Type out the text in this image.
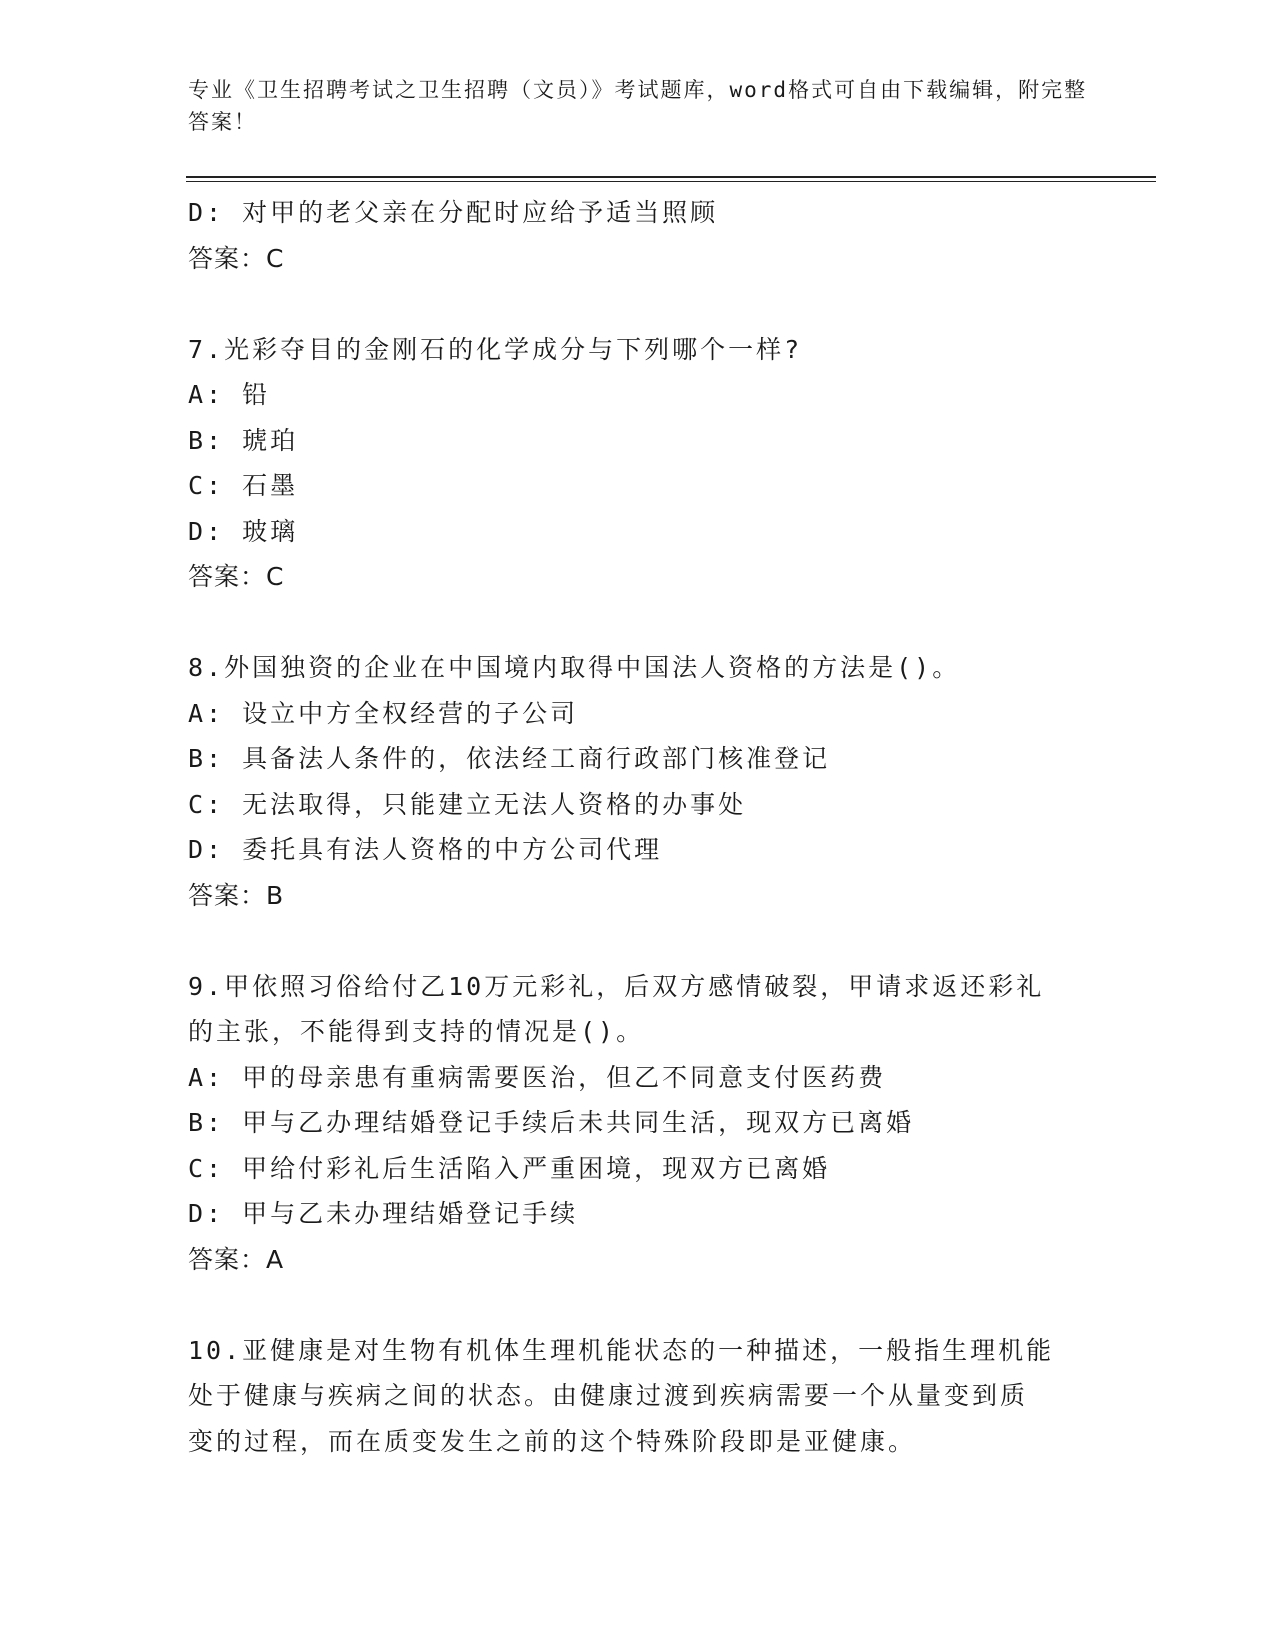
专业《卫生招聘考试之卫生招聘（文员）》考试题库，word格式可自由下载编辑，附完整答案！
D: 对甲的老父亲在分配时应给予适当照顾
答案：C
7.光彩夺目的金刚石的化学成分与下列哪个一样?
A: 铅
B: 琥珀
C: 石墨
D: 玻璃
答案：C
8.外国独资的企业在中国境内取得中国法人资格的方法是()。
A: 设立中方全权经营的子公司
B: 具备法人条件的，依法经工商行政部门核准登记
C: 无法取得，只能建立无法人资格的办事处
D: 委托具有法人资格的中方公司代理
答案：B
9.甲依照习俗给付乙10万元彩礼，后双方感情破裂，甲请求返还彩礼
的主张，不能得到支持的情况是()。
A: 甲的母亲患有重病需要医治，但乙不同意支付医药费
B: 甲与乙办理结婚登记手续后未共同生活，现双方已离婚
C: 甲给付彩礼后生活陷入严重困境，现双方已离婚
D: 甲与乙未办理结婚登记手续
答案：A
10.亚健康是对生物有机体生理机能状态的一种描述，一般指生理机能
处于健康与疾病之间的状态。由健康过渡到疾病需要一个从量变到质
变的过程，而在质变发生之前的这个特殊阶段即是亚健康。
